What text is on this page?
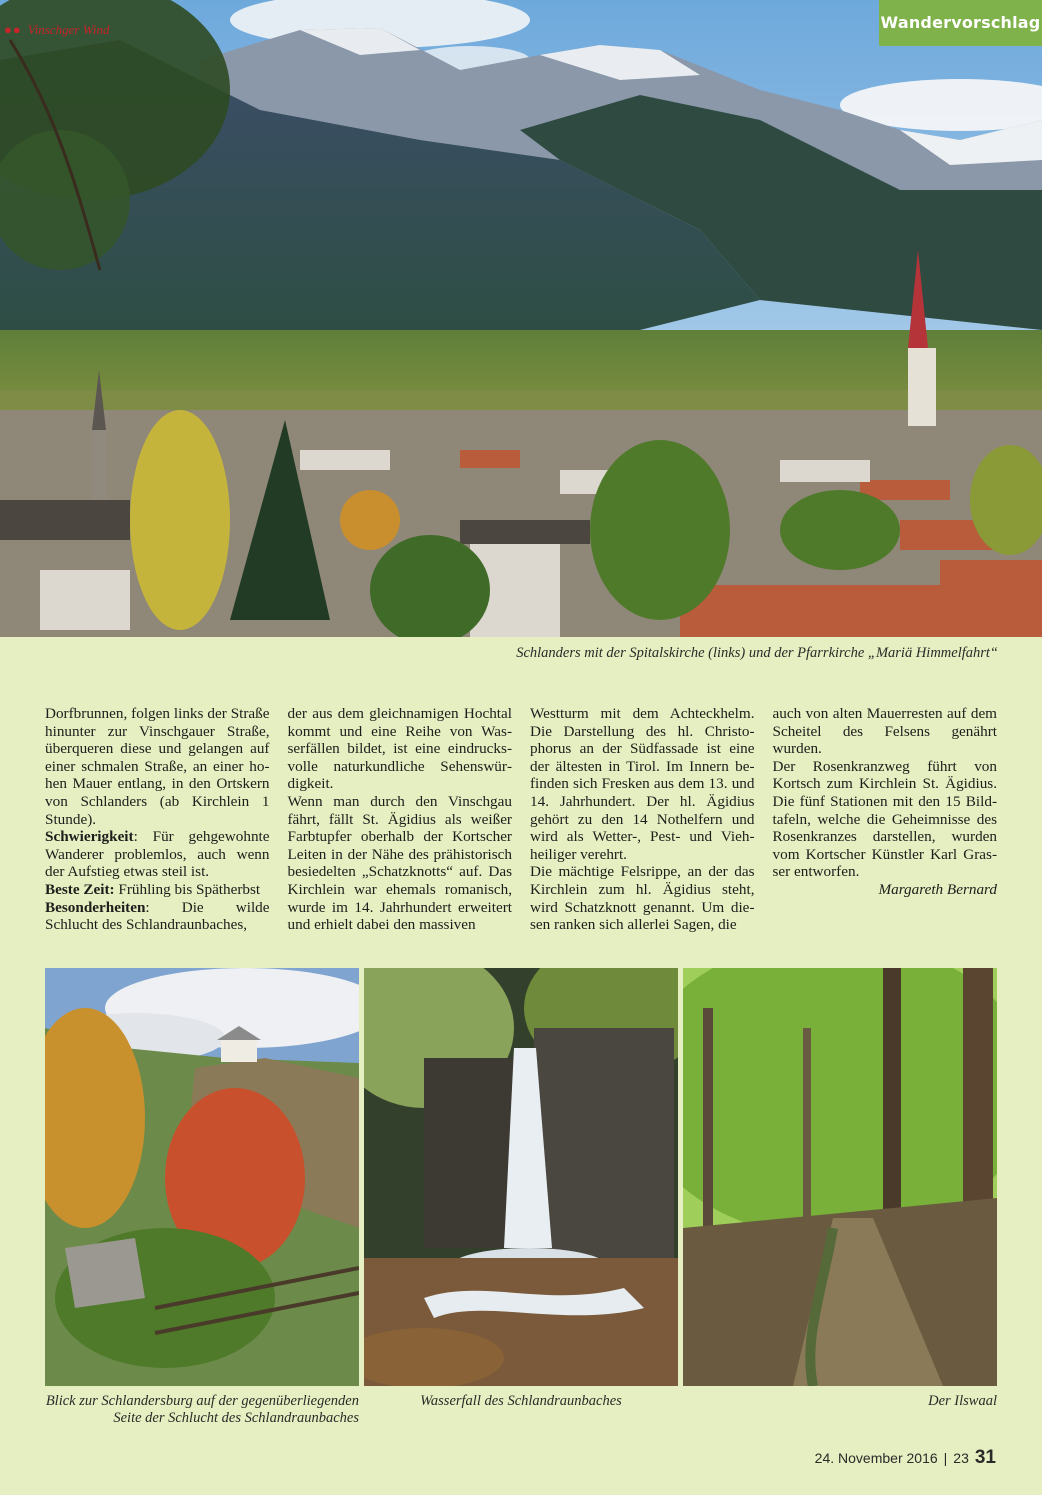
●● Vinschger Wind	Wandervorschlag
Schlanders mit der Spitalskirche (links) und der Pfarrkirche „Mariä Himmelfahrt“

Dorfbrunnen, folgen links der Straße hinunter zur Vinschgauer Straße, überqueren diese und gelangen auf einer schmalen Straße, an einer hohen Mauer entlang, in den Ortskern von Schlanders (ab Kirchlein 1 Stunde).

Schwierigkeit: Für gehgewohnte Wanderer problemlos, auch wenn der Aufstieg etwas steil ist.

Beste Zeit: Frühling bis Spätherbst

Besonderheiten: Die wilde Schlucht des Schlandraunbaches,

der aus dem gleichnamigen Hochtal kommt und eine Reihe von Wasserfällen bildet, ist eine eindrucksvolle naturkundliche Sehenswürdigkeit.

Wenn man durch den Vinschgau fährt, fällt St. Ägidius als weißer Farbtupfer oberhalb der Kortscher Leiten in der Nähe des prähistorisch besiedelten „Schatzknotts“ auf. Das Kirchlein war ehemals romanisch, wurde im 14. Jahrhundert erweitert und erhielt dabei den massiven

Westturm mit dem Achteckhelm. Die Darstellung des hl. Christophorus an der Südfassade ist eine der ältesten in Tirol. Im Innern befinden sich Fresken aus dem 13. und 14. Jahrhundert. Der hl. Ägidius gehört zu den 14 Nothelfern und wird als Wetter-, Pest- und Viehheiliger verehrt.

Die mächtige Felsrippe, an der das Kirchlein zum hl. Ägidius steht, wird Schatzknott genannt. Um diesen ranken sich allerlei Sagen, die

auch von alten Mauerresten auf dem Scheitel des Felsens genährt wurden.

Der Rosenkranzweg führt von Kortsch zum Kirchlein St. Ägidius. Die fünf Stationen mit den 15 Bildtafeln, welche die Geheimnisse des Rosenkranzes darstellen, wurden vom Kortscher Künstler Karl Grasser entworfen.

Margareth Bernard

Blick zur Schlandersburg auf der gegenüberliegenden Seite der Schlucht des Schlandraunbaches
Wasserfall des Schlandraunbaches	Der Ilswaal
24. November 2016 | 23 31
